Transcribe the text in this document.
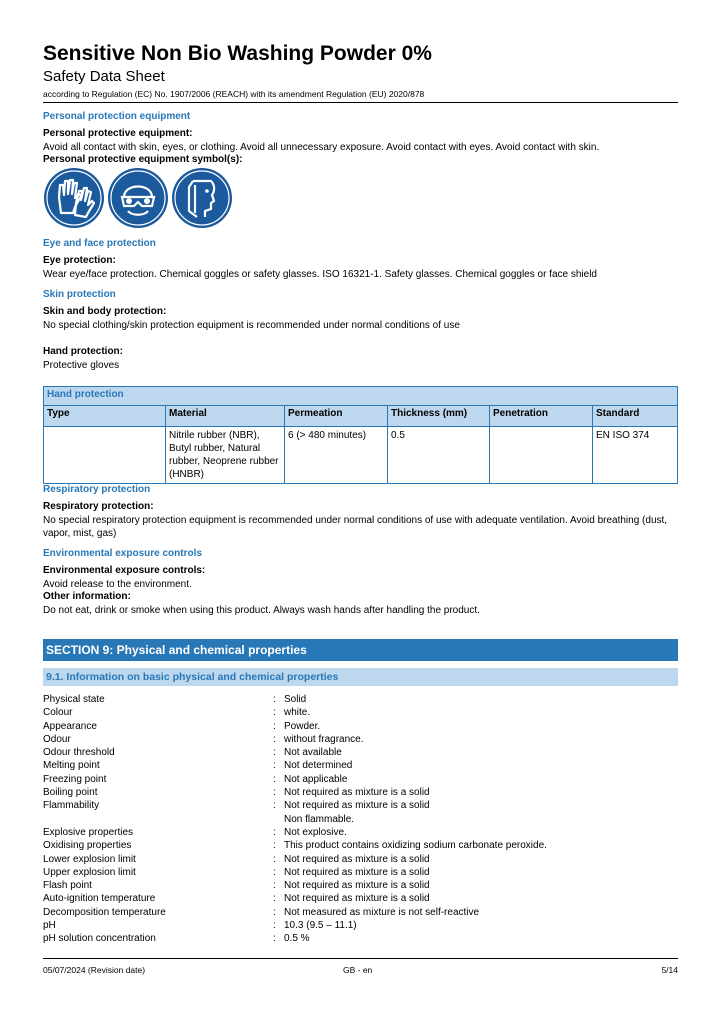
Sensitive Non Bio Washing Powder 0%

Safety Data Sheet

according to Regulation (EC) No. 1907/2006 (REACH) with its amendment Regulation (EU) 2020/878

Personal protection equipment

Personal protective equipment:

Avoid all contact with skin, eyes, or clothing. Avoid all unnecessary exposure. Avoid contact with eyes. Avoid contact with skin.

Personal protective equipment symbol(s):

Eye and face protection

Eye protection:

Wear eye/face protection. Chemical goggles or safety glasses. ISO 16321-1. Safety glasses. Chemical goggles or face shield

Skin protection

Skin and body protection:

No special clothing/skin protection equipment is recommended under normal conditions of use

Hand protection:

Protective gloves

Hand protection					
Type	Material	Permeation	Thickness (mm)	Penetration	Standard
	Nitrile rubber (NBR), Butyl rubber, Natural rubber, Neoprene rubber (HNBR)	6 (> 480 minutes)	0.5		EN ISO 374

Respiratory protection

Respiratory protection:

No special respiratory protection equipment is recommended under normal conditions of use with adequate ventilation. Avoid breathing (dust, vapor, mist, gas)

Environmental exposure controls

Environmental exposure controls:

Avoid release to the environment.

Other information:

Do not eat, drink or smoke when using this product. Always wash hands after handling the product.

SECTION 9: Physical and chemical properties
9.1. Information on basic physical and chemical properties
Physical state	: Solid
Colour	: white.
Appearance	: Powder.
Odour	: without fragrance.
Odour threshold	: Not available
Melting point	: Not determined
Freezing point	: Not applicable
Boiling point	: Not required as mixture is a solid
Flammability	: Not required as mixture is a solid
Non flammable.
Explosive properties	: Not explosive.
Oxidising properties	: This product contains oxidizing sodium carbonate peroxide.
Lower explosion limit	: Not required as mixture is a solid
Upper explosion limit	: Not required as mixture is a solid
Flash point	: Not required as mixture is a solid
Auto-ignition temperature	: Not required as mixture is a solid
Decomposition temperature	: Not measured as mixture is not self-reactive
pH	: 10.3 (9.5 – 11.1)
pH solution concentration	: 0.5 %
05/07/2024 (Revision date)	GB - en	5/14
